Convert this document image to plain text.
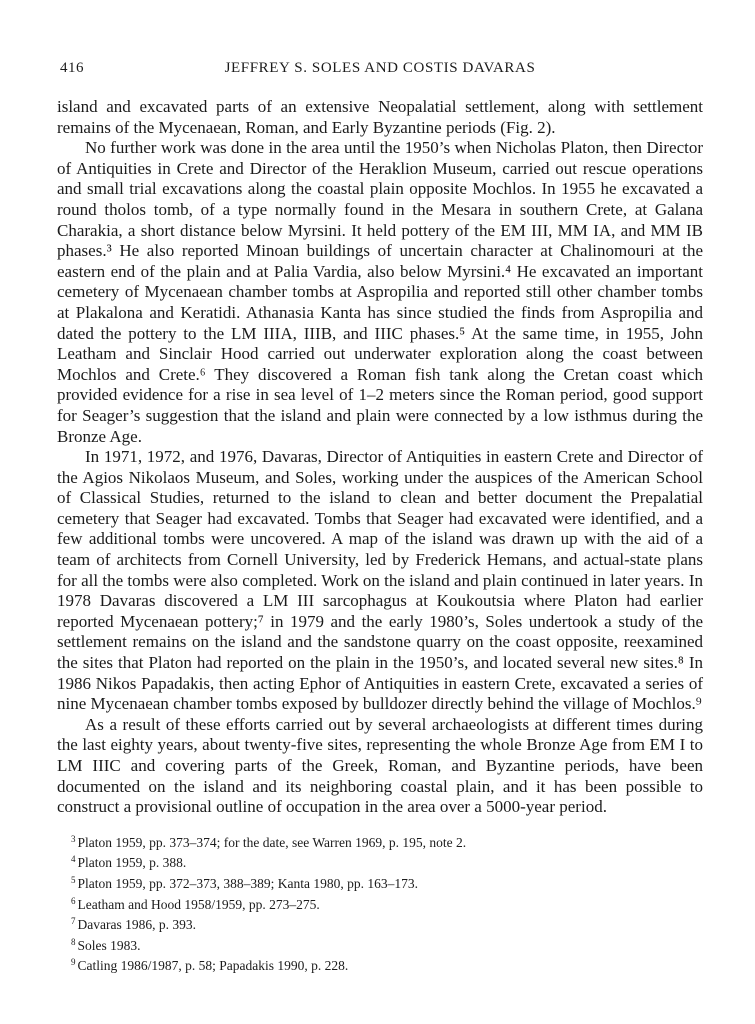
416	JEFFREY S. SOLES AND COSTIS DAVARAS

island and excavated parts of an extensive Neopalatial settlement, along with settlement remains of the Mycenaean, Roman, and Early Byzantine periods (Fig. 2).

No further work was done in the area until the 1950’s when Nicholas Platon, then Director of Antiquities in Crete and Director of the Heraklion Museum, carried out rescue operations and small trial excavations along the coastal plain opposite Mochlos. In 1955 he excavated a round tholos tomb, of a type normally found in the Mesara in southern Crete, at Galana Charakia, a short distance below Myrsini. It held pottery of the EM III, MM IA, and MM IB phases.³ He also reported Minoan buildings of uncertain character at Chalinomouri at the eastern end of the plain and at Palia Vardia, also below Myrsini.⁴ He excavated an important cemetery of Mycenaean chamber tombs at Aspropilia and reported still other chamber tombs at Plakalona and Keratidi. Athanasia Kanta has since studied the finds from Aspropilia and dated the pottery to the LM IIIA, IIIB, and IIIC phases.⁵ At the same time, in 1955, John Leatham and Sinclair Hood carried out underwater exploration along the coast between Mochlos and Crete.⁶ They discovered a Roman fish tank along the Cretan coast which provided evidence for a rise in sea level of 1–2 meters since the Roman period, good support for Seager’s suggestion that the island and plain were connected by a low isthmus during the Bronze Age.

In 1971, 1972, and 1976, Davaras, Director of Antiquities in eastern Crete and Director of the Agios Nikolaos Museum, and Soles, working under the auspices of the American School of Classical Studies, returned to the island to clean and better document the Prepalatial cemetery that Seager had excavated. Tombs that Seager had excavated were identified, and a few additional tombs were uncovered. A map of the island was drawn up with the aid of a team of architects from Cornell University, led by Frederick Hemans, and actual-state plans for all the tombs were also completed. Work on the island and plain continued in later years. In 1978 Davaras discovered a LM III sarcophagus at Koukoutsia where Platon had earlier reported Mycenaean pottery;⁷ in 1979 and the early 1980’s, Soles undertook a study of the settlement remains on the island and the sandstone quarry on the coast opposite, reexamined the sites that Platon had reported on the plain in the 1950’s, and located several new sites.⁸ In 1986 Nikos Papadakis, then acting Ephor of Antiquities in eastern Crete, excavated a series of nine Mycenaean chamber tombs exposed by bulldozer directly behind the village of Mochlos.⁹

As a result of these efforts carried out by several archaeologists at different times during the last eighty years, about twenty-five sites, representing the whole Bronze Age from EM I to LM IIIC and covering parts of the Greek, Roman, and Byzantine periods, have been documented on the island and its neighboring coastal plain, and it has been possible to construct a provisional outline of occupation in the area over a 5000-year period.

$^3$ Platon 1959, pp. 373–374; for the date, see Warren 1969, p. 195, note 2.
$^4$ Platon 1959, p. 388.
$^5$ Platon 1959, pp. 372–373, 388–389; Kanta 1980, pp. 163–173.
$^6$ Leatham and Hood 1958/1959, pp. 273–275.
$^7$ Davaras 1986, p. 393.
$^8$ Soles 1983.
$^9$ Catling 1986/1987, p. 58; Papadakis 1990, p. 228.
